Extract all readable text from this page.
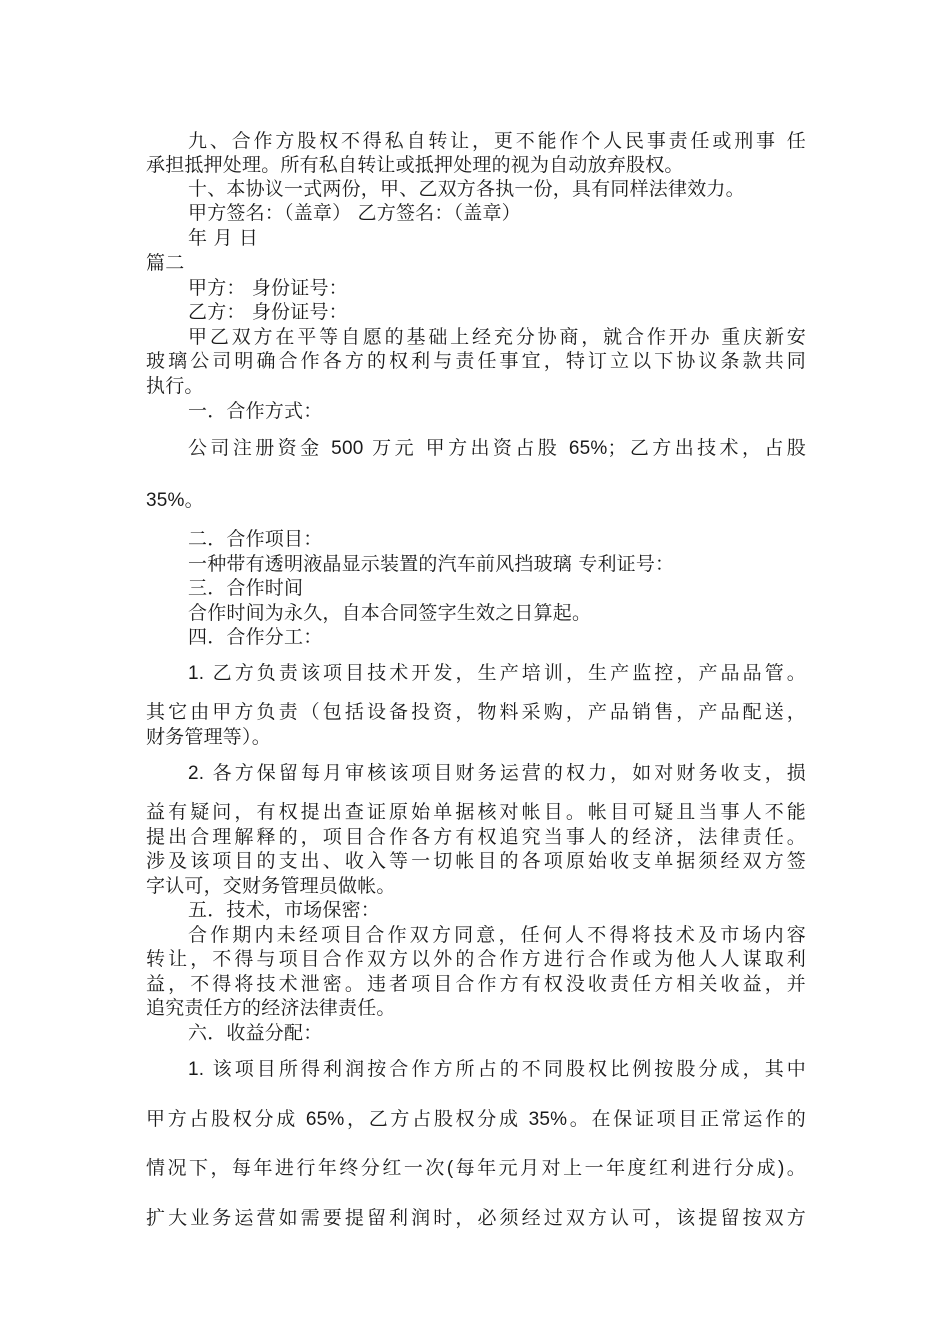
九、合作方股权不得私自转让，更不能作个人民事责任或刑事 任
承担抵押处理。所有私自转让或抵押处理的视为自动放弃股权。
十、本协议一式两份，甲、乙双方各执一份，具有同样法律效力。
甲方签名：（盖章） 乙方签名：（盖章）
年 月 日
篇二
甲方： 身份证号：
乙方： 身份证号：
甲乙双方在平等自愿的基础上经充分协商，就合作开办 重庆新安
玻璃公司明确合作各方的权利与责任事宜，特订立以下协议条款共同
执行。
一．合作方式：
公司注册资金 500 万元 甲方出资占股 65%；乙方出技术，占股
35%。
二．合作项目：
一种带有透明液晶显示装置的汽车前风挡玻璃 专利证号：
三．合作时间
合作时间为永久，自本合同签字生效之日算起。
四．合作分工：
1. 乙方负责该项目技术开发，生产培训，生产监控，产品品管。
其它由甲方负责（包括设备投资，物料采购，产品销售，产品配送，
财务管理等）。
2. 各方保留每月审核该项目财务运营的权力，如对财务收支，损
益有疑问，有权提出查证原始单据核对帐目。帐目可疑且当事人不能
提出合理解释的，项目合作各方有权追究当事人的经济，法律责任。
涉及该项目的支出、收入等一切帐目的各项原始收支单据须经双方签
字认可，交财务管理员做帐。
五．技术，市场保密：
合作期内未经项目合作双方同意，任何人不得将技术及市场内容
转让，不得与项目合作双方以外的合作方进行合作或为他人人谋取利
益，不得将技术泄密。违者项目合作方有权没收责任方相关收益，并
追究责任方的经济法律责任。
六．收益分配：
1. 该项目所得利润按合作方所占的不同股权比例按股分成，其中
甲方占股权分成 65%，乙方占股权分成 35%。在保证项目正常运作的
情况下，每年进行年终分红一次(每年元月对上一年度红利进行分成)。
扩大业务运营如需要提留利润时，必须经过双方认可，该提留按双方
